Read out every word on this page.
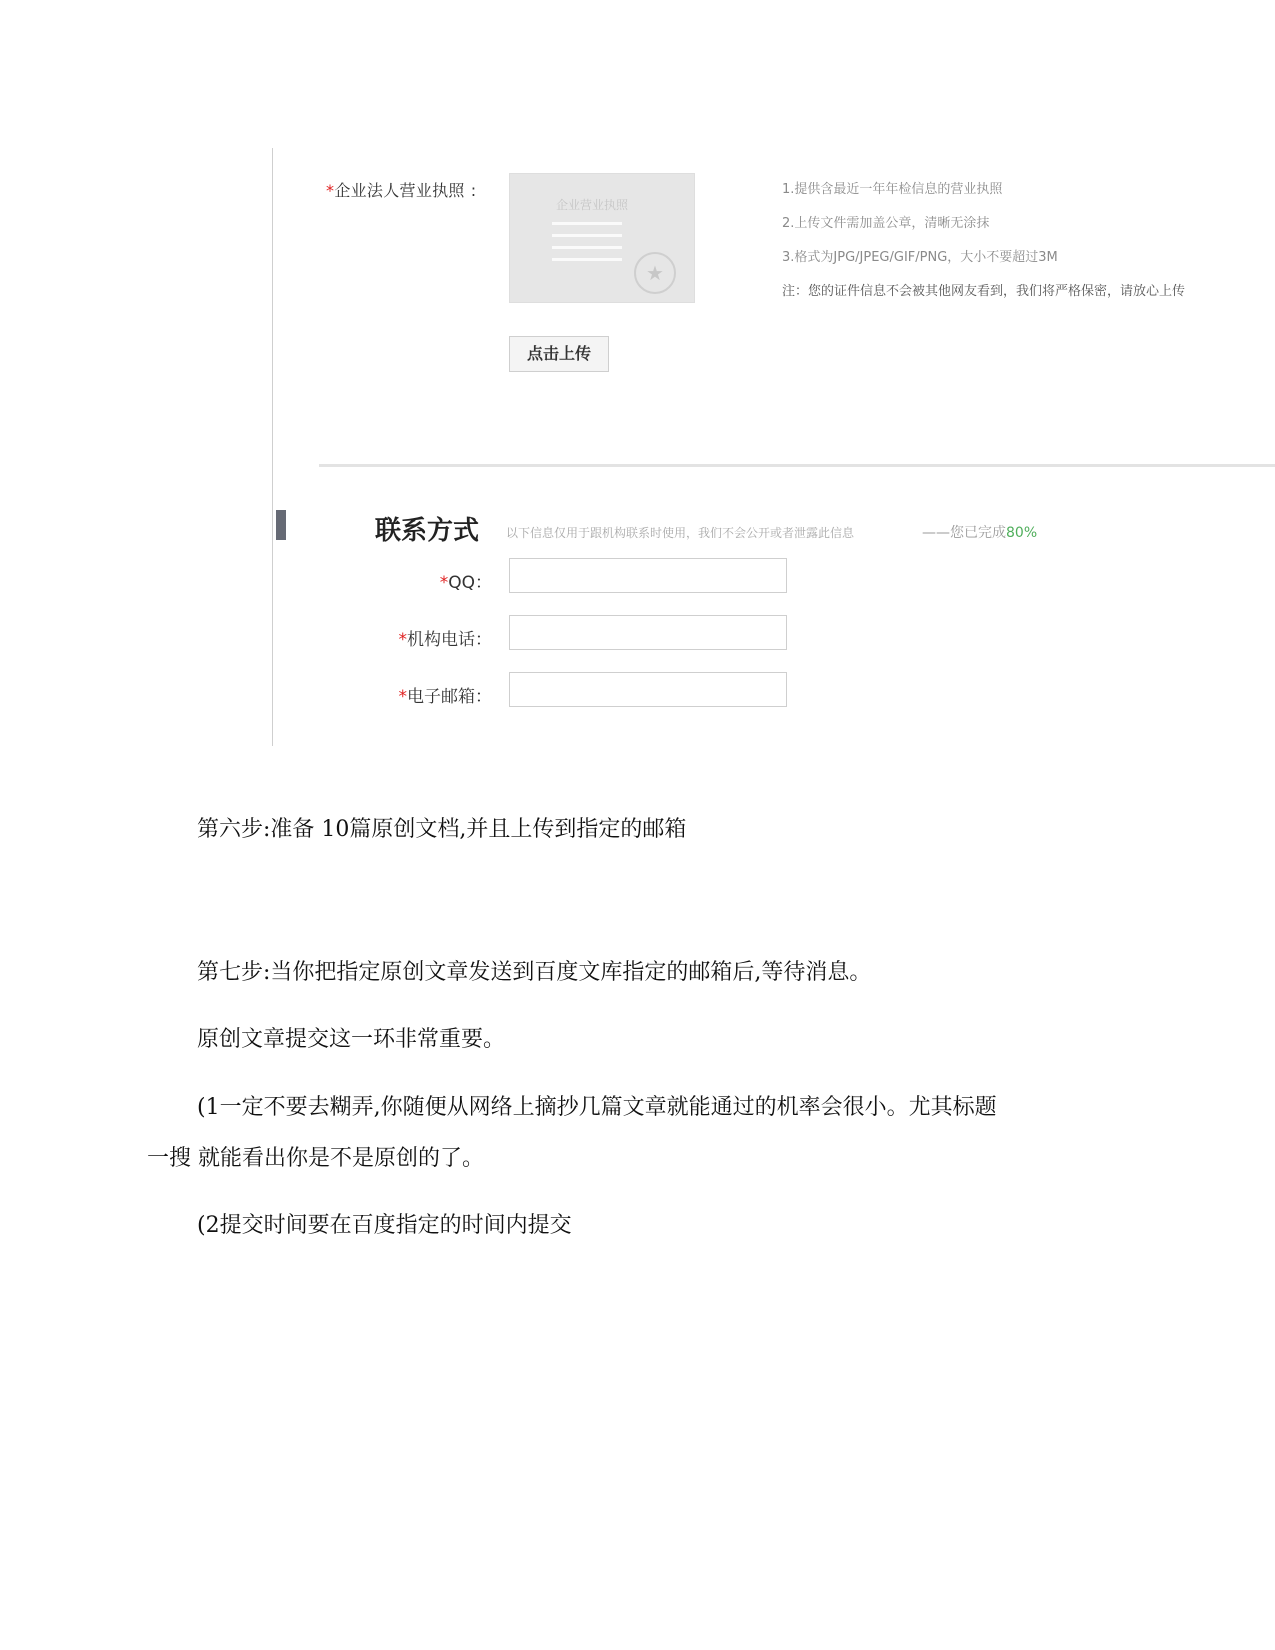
*企业法人营业执照 :
企业营业执照
★
1.提供含最近一年年检信息的营业执照
2.上传文件需加盖公章，清晰无涂抹
3.格式为JPG/JPEG/GIF/PNG，大小不要超过3M
注：您的证件信息不会被其他网友看到，我们将严格保密，请放心上传
点击上传
联系方式 以下信息仅用于跟机构联系时使用，我们不会公开或者泄露此信息	——您已完成80%
*QQ：
*机构电话：
*电子邮箱：
第六步:准备 10篇原创文档,并且上传到指定的邮箱
第七步:当你把指定原创文章发送到百度文库指定的邮箱后,等待消息。
原创文章提交这一环非常重要。
(1一定不要去糊弄,你随便从网络上摘抄几篇文章就能通过的机率会很小。尤其标题
一搜 就能看出你是不是原创的了。
(2提交时间要在百度指定的时间内提交
